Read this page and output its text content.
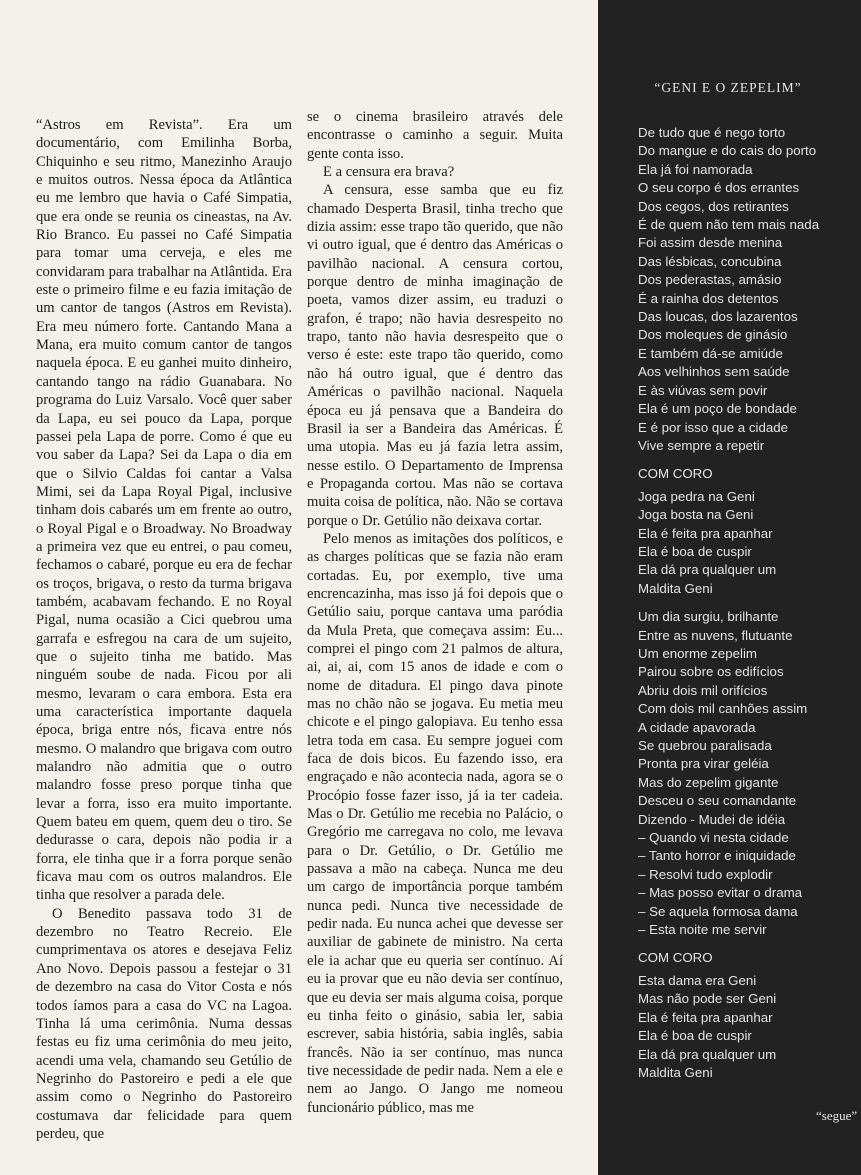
“Astros em Revista”. Era um documentário, com Emilinha Borba, Chiquinho e seu ritmo, Manezinho Araujo e muitos outros. Nessa época da Atlântica eu me lembro que havia o Café Simpatia, que era onde se reunia os cineastas, na Av. Rio Branco. Eu passei no Café Simpatia para tomar uma cerveja, e eles me convidaram para trabalhar na Atlântida. Era este o primeiro filme e eu fazia imitação de um cantor de tangos (Astros em Revista). Era meu número forte. Cantando Mana a Mana, era muito comum cantor de tangos naquela época. E eu ganhei muito dinheiro, cantando tango na rádio Guanabara. No programa do Luiz Varsalo. Você quer saber da Lapa, eu sei pouco da Lapa, porque passei pela Lapa de porre. Como é que eu vou saber da Lapa? Sei da Lapa o dia em que o Silvio Caldas foi cantar a Valsa Mimi, sei da Lapa Royal Pigal, inclusive tinham dois cabarés um em frente ao outro, o Royal Pigal e o Broadway. No Broadway a primeira vez que eu entrei, o pau comeu, fechamos o cabaré, porque eu era de fechar os troços, brigava, o resto da turma brigava também, acabavam fechando. E no Royal Pigal, numa ocasião a Cici quebrou uma garrafa e esfregou na cara de um sujeito, que o sujeito tinha me batido. Mas ninguém soube de nada. Ficou por ali mesmo, levaram o cara embora. Esta era uma característica importante daquela época, briga entre nós, ficava entre nós mesmo. O malandro que brigava com outro malandro não admitia que o outro malandro fosse preso porque tinha que levar a forra, isso era muito importante. Quem bateu em quem, quem deu o tiro. Se dedurasse o cara, depois não podia ir a forra, ele tinha que ir a forra porque senão ficava mau com os outros malandros. Ele tinha que resolver a parada dele.

O Benedito passava todo 31 de dezembro no Teatro Recreio. Ele cumprimentava os atores e desejava Feliz Ano Novo. Depois passou a festejar o 31 de dezembro na casa do Vitor Costa e nós todos íamos para a casa do VC na Lagoa. Tinha lá uma cerimônia. Numa dessas festas eu fiz uma cerimônia do meu jeito, acendi uma vela, chamando seu Getúlio de Negrinho do Pastoreiro e pedi a ele que assim como o Negrinho do Pastoreiro costumava dar felicidade para quem perdeu, que

se o cinema brasileiro através dele encontrasse o caminho a seguir. Muita gente conta isso.

E a censura era brava?

A censura, esse samba que eu fiz chamado Desperta Brasil, tinha trecho que dizia assim: esse trapo tão querido, que não vi outro igual, que é dentro das Américas o pavilhão nacional. A censura cortou, porque dentro de minha imaginação de poeta, vamos dizer assim, eu traduzi o grafon, é trapo; não havia desrespeito no trapo, tanto não havia desrespeito que o verso é este: este trapo tão querido, como não há outro igual, que é dentro das Américas o pavilhão nacional. Naquela época eu já pensava que a Bandeira do Brasil ia ser a Bandeira das Américas. É uma utopia. Mas eu já fazia letra assim, nesse estilo. O Departamento de Imprensa e Propaganda cortou. Mas não se cortava muita coisa de política, não. Não se cortava porque o Dr. Getúlio não deixava cortar.

Pelo menos as imitações dos políticos, e as charges políticas que se fazia não eram cortadas. Eu, por exemplo, tive uma encrencazinha, mas isso já foi depois que o Getúlio saiu, porque cantava uma paródia da Mula Preta, que começava assim: Eu... comprei el pingo com 21 palmos de altura, ai, ai, ai, com 15 anos de idade e com o nome de ditadura. El pingo dava pinote mas no chão não se jogava. Eu metia meu chicote e el pingo galopiava. Eu tenho essa letra toda em casa. Eu sempre joguei com faca de dois bicos. Eu fazendo isso, era engraçado e não acontecia nada, agora se o Procópio fosse fazer isso, já ia ter cadeia. Mas o Dr. Getúlio me recebia no Palácio, o Gregório me carregava no colo, me levava para o Dr. Getúlio, o Dr. Getúlio me passava a mão na cabeça. Nunca me deu um cargo de importância porque também nunca pedi. Nunca tive necessidade de pedir nada. Eu nunca achei que devesse ser auxiliar de gabinete de ministro. Na certa ele ia achar que eu queria ser contínuo. Aí eu ia provar que eu não devia ser contínuo, que eu devia ser mais alguma coisa, porque eu tinha feito o ginásio, sabia ler, sabia escrever, sabia história, sabia inglês, sabia francês. Não ia ser contínuo, mas nunca tive necessidade de pedir nada. Nem a ele e nem ao Jango. O Jango me nomeou funcionário público, mas me

“GENI E O ZEPELIM”
De tudo que é nego torto
Do mangue e do cais do porto
Ela já foi namorada
O seu corpo é dos errantes
Dos cegos, dos retirantes
É de quem não tem mais nada
Foi assim desde menina
Das lésbicas, concubina
Dos pederastas, amásio
É a rainha dos detentos
Das loucas, dos lazarentos
Dos moleques de ginásio
E também dá-se amiúde
Aos velhinhos sem saúde
E às viúvas sem povir
Ela é um poço de bondade
E é por isso que a cidade
Vive sempre a repetir
COM CORO
Joga pedra na Geni
Joga bosta na Geni
Ela é feita pra apanhar
Ela é boa de cuspir
Ela dá pra qualquer um
Maldita Geni
Um dia surgiu, brilhante
Entre as nuvens, flutuante
Um enorme zepelim
Pairou sobre os edifícios
Abriu dois mil orifícios
Com dois mil canhões assim
A cidade apavorada
Se quebrou paralisada
Pronta pra virar geléia
Mas do zepelim gigante
Desceu o seu comandante
Dizendo - Mudei de idéia
– Quando vi nesta cidade
– Tanto horror e iniquidade
– Resolvi tudo explodir
– Mas posso evitar o drama
– Se aquela formosa dama
– Esta noite me servir
COM CORO
Esta dama era Geni
Mas não pode ser Geni
Ela é feita pra apanhar
Ela é boa de cuspir
Ela dá pra qualquer um
Maldita Geni
“segue”
